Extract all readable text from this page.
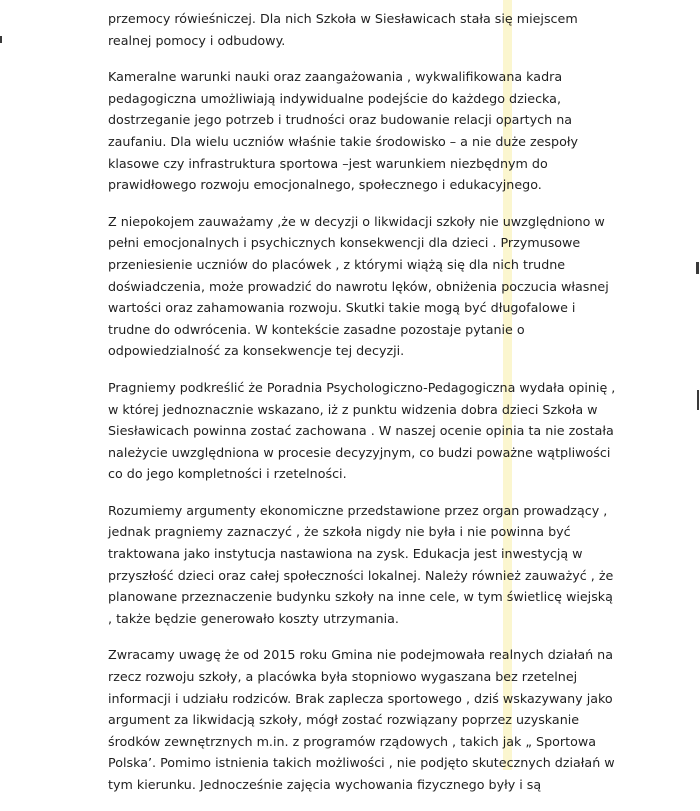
przemocy rówieśniczej. Dla nich Szkoła w Siesławicach stała się miejscem
realnej pomocy i odbudowy.

Kameralne warunki nauki oraz zaangażowania , wykwalifikowana kadra
pedagogiczna umożliwiają indywidualne podejście do każdego dziecka,
dostrzeganie jego potrzeb i trudności oraz budowanie relacji opartych na
zaufaniu. Dla wielu uczniów właśnie takie środowisko – a nie duże zespoły
klasowe czy infrastruktura sportowa –jest warunkiem niezbędnym do
prawidłowego rozwoju emocjonalnego, społecznego i edukacyjnego.

Z niepokojem zauważamy ,że w decyzji o likwidacji szkoły nie uwzględniono w
pełni emocjonalnych i psychicznych konsekwencji dla dzieci . Przymusowe
przeniesienie uczniów do placówek , z którymi wiążą się dla nich trudne
doświadczenia, może prowadzić do nawrotu lęków, obniżenia poczucia własnej
wartości oraz zahamowania rozwoju. Skutki takie mogą być długofalowe i
trudne do odwrócenia. W kontekście zasadne pozostaje pytanie o
odpowiedzialność za konsekwencje tej decyzji.

Pragniemy podkreślić że Poradnia Psychologiczno-Pedagogiczna wydała opinię ,
w której jednoznacznie wskazano, iż z punktu widzenia dobra dzieci Szkoła w
Siesławicach powinna zostać zachowana . W naszej ocenie opinia ta nie została
należycie uwzględniona w procesie decyzyjnym, co budzi poważne wątpliwości
co do jego kompletności i rzetelności.

Rozumiemy argumenty ekonomiczne przedstawione przez organ prowadzący ,
jednak pragniemy zaznaczyć , że szkoła nigdy nie była i nie powinna być
traktowana jako instytucja nastawiona na zysk. Edukacja jest inwestycją w
przyszłość dzieci oraz całej społeczności lokalnej. Należy również zauważyć , że
planowane przeznaczenie budynku szkoły na inne cele, w tym świetlicę wiejską
, także będzie generowało koszty utrzymania.

Zwracamy uwagę że od 2015 roku Gmina nie podejmowała realnych działań na
rzecz rozwoju szkoły, a placówka była stopniowo wygaszana bez rzetelnej
informacji i udziału rodziców. Brak zaplecza sportowego , dziś wskazywany jako
argument za likwidacją szkoły, mógł zostać rozwiązany poprzez uzyskanie
środków zewnętrznych m.in. z programów rządowych , takich jak „ Sportowa
Polska’. Pomimo istnienia takich możliwości , nie podjęto skutecznych działań w
tym kierunku. Jednocześnie zajęcia wychowania fizycznego były i są
